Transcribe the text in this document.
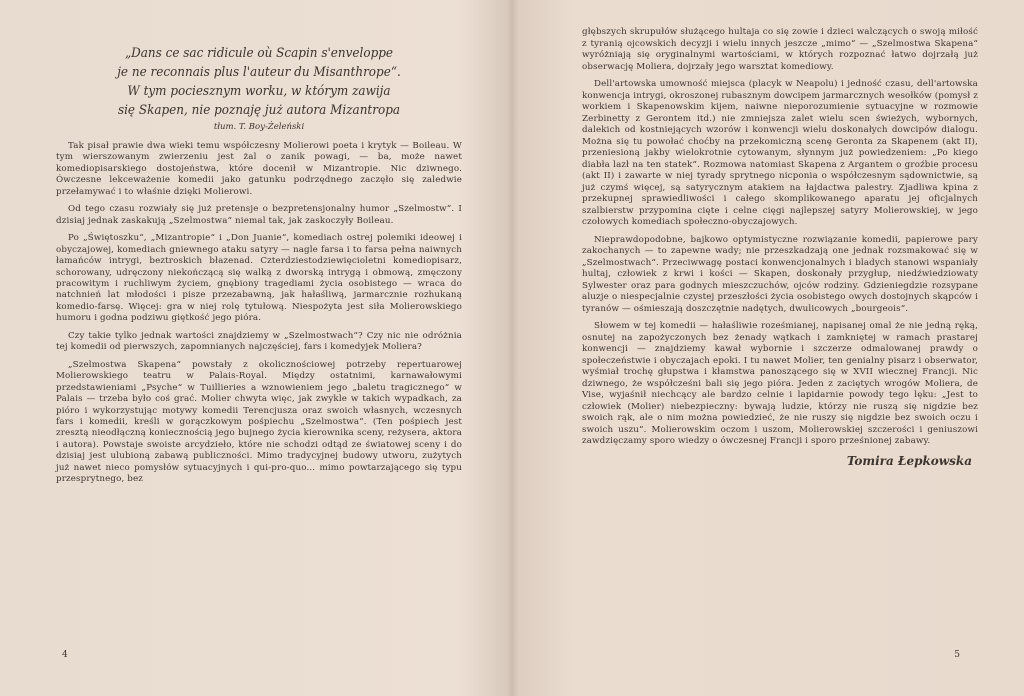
„Dans ce sac ridicule où Scapin s'enveloppe
je ne reconnais plus l'auteur du Misanthrope“.
W tym pociesznym worku, w którym zawija
się Skapen, nie poznaję już autora Mizantropa
tłum. T. Boy-Żeleński

Tak pisał prawie dwa wieki temu współczesny Molierowi poeta i krytyk — Boileau. W tym wierszowanym zwierzeniu jest żal o zanik powagi, — ba, może nawet komediopisarskiego dostojeństwa, które docenił w Mizantropie. Nic dziwnego. Ówczesne lekceważenie komedii jako gatunku podrzędnego zaczęło się zaledwie przełamywać i to właśnie dzięki Molierowi.

Od tego czasu rozwiały się już pretensje o bezpretensjonalny humor „Szelmostw“. I dzisiaj jednak zaskakują „Szelmostwa“ niemal tak, jak zaskoczyły Boileau.

Po „Świętoszku“, „Mizantropie“ i „Don Juanie“, komediach ostrej polemiki ideowej i obyczajowej, komediach gniewnego ataku satyry — nagle farsa i to farsa pełna naiwnych łamańców intrygi, beztroskich błazenad. Czterdziestodziewięcioletni komediopisarz, schorowany, udręczony niekończącą się walką z dworską intrygą i obmową, zmęczony pracowitym i ruchliwym życiem, gnębiony tragediami życia osobistego — wraca do natchnień lat młodości i pisze przezabawną, jak hałaśliwą, jarmarcznie rozhukaną komedio-farsę. Więcej: gra w niej rolę tytułową. Niespożyta jest siła Molierowskiego humoru i godna podziwu giętkość jego pióra.

Czy takie tylko jednak wartości znajdziemy w „Szelmostwach“? Czy nic nie odróżnia tej komedii od pierwszych, zapomnianych najczęściej, fars i komedyjek Moliera?

„Szelmostwa Skapena“ powstały z okolicznościowej potrzeby repertuarowej Molierowskiego teatru w Palais-Royal. Między ostatnimi, karnawałowymi przedstawieniami „Psyche“ w Tuillieries a wznowieniem jego „baletu tragicznego“ w Palais — trzeba było coś grać. Molier chwyta więc, jak zwykle w takich wypadkach, za pióro i wykorzystując motywy komedii Terencjusza oraz swoich własnych, wczesnych fars i komedii, kreśli w gorączkowym pośpiechu „Szelmostwa“. (Ten pośpiech jest zresztą nieodłączną koniecznością jego bujnego życia kierownika sceny, reżysera, aktora i autora). Powstaje swoiste arcydzieło, które nie schodzi odtąd ze światowej sceny i do dzisiaj jest ulubioną zabawą publiczności. Mimo tradycyjnej budowy utworu, zużytych już nawet nieco pomysłów sytuacyjnych i qui-pro-quo... mimo powtarzającego się typu przesprytnego, bez

4

głębszych skrupułów służącego hultaja co się zowie i dzieci walczących o swoją miłość z tyranią ojcowskich decyzji i wielu innych jeszcze „mimo“ — „Szelmostwa Skapena“ wyróżniają się oryginalnymi wartościami, w których rozpoznać łatwo dojrzałą już obserwację Moliera, dojrzały jego warsztat komediowy.

Dell'artowska umowność miejsca (placyk w Neapolu) i jedność czasu, dell'artowska konwencja intrygi, okroszonej rubasznym dowcipem jarmarcznych wesołków (pomysł z workiem i Skapenowskim kijem, naiwne nieporozumienie sytuacyjne w rozmowie Zerbinetty z Gerontem itd.) nie zmniejsza zalet wielu scen świeżych, wybornych, dalekich od kostniejących wzorów i konwencji wielu doskonałych dowcipów dialogu. Można się tu powołać choćby na przekomiczną scenę Geronta za Skapenem (akt II), przeniesioną jakby wielokrotnie cytowanym, słynnym już powiedzeniem: „Po kiego diabła lazł na ten statek“. Rozmowa natomiast Skapena z Argantem o groźbie procesu (akt II) i zawarte w niej tyrady sprytnego nicponia o współczesnym sądownictwie, są już czymś więcej, są satyrycznym atakiem na łajdactwa palestry. Zjadliwa kpina z przekupnej sprawiedliwości i całego skomplikowanego aparatu jej oficjalnych szalbierstw przypomina cięte i celne cięgi najlepszej satyry Molierowskiej, w jego czołowych komediach społeczno-obyczajowych.

Nieprawdopodobne, bajkowo optymistyczne rozwiązanie komedii, papierowe pary zakochanych — to zapewne wady; nie przeszkadzają one jednak rozsmakować się w „Szelmostwach“. Przeciwwagę postaci konwencjonalnych i bladych stanowi wspaniały hultaj, człowiek z krwi i kości — Skapen, doskonały przygłup, niedźwiedziowaty Sylwester oraz para godnych mieszczuchów, ojców rodziny. Gdzieniegdzie rozsypane aluzje o niespecjalnie czystej przeszłości życia osobistego owych dostojnych skąpców i tyranów — ośmieszają doszczętnie nadętych, dwulicowych „bourgeois“.

Słowem w tej komedii — hałaśliwie roześmianej, napisanej omal że nie jedną ręką, osnutej na zapożyczonych bez żenady wątkach i zamkniętej w ramach prastarej konwencji — znajdziemy kawał wybornie i szczerze odmalowanej prawdy o społeczeństwie i obyczajach epoki. I tu nawet Molier, ten genialny pisarz i obserwator, wyśmiał trochę głupstwa i kłamstwa panoszącego się w XVII wiecznej Francji. Nic dziwnego, że współcześni bali się jego pióra. Jeden z zaciętych wrogów Moliera, de Vise, wyjaśnił niechcący ale bardzo celnie i lapidarnie powody tego lęku: „Jest to człowiek (Molier) niebezpieczny: bywają ludzie, którzy nie ruszą się nigdzie bez swoich rąk, ale o nim można powiedzieć, że nie ruszy się nigdzie bez swoich oczu i swoich uszu“. Molierowskim oczom i uszom, Molierowskiej szczerości i geniuszowi zawdzięczamy sporo wiedzy o ówczesnej Francji i sporo prześnionej zabawy.

Tomira Łepkowska
5
